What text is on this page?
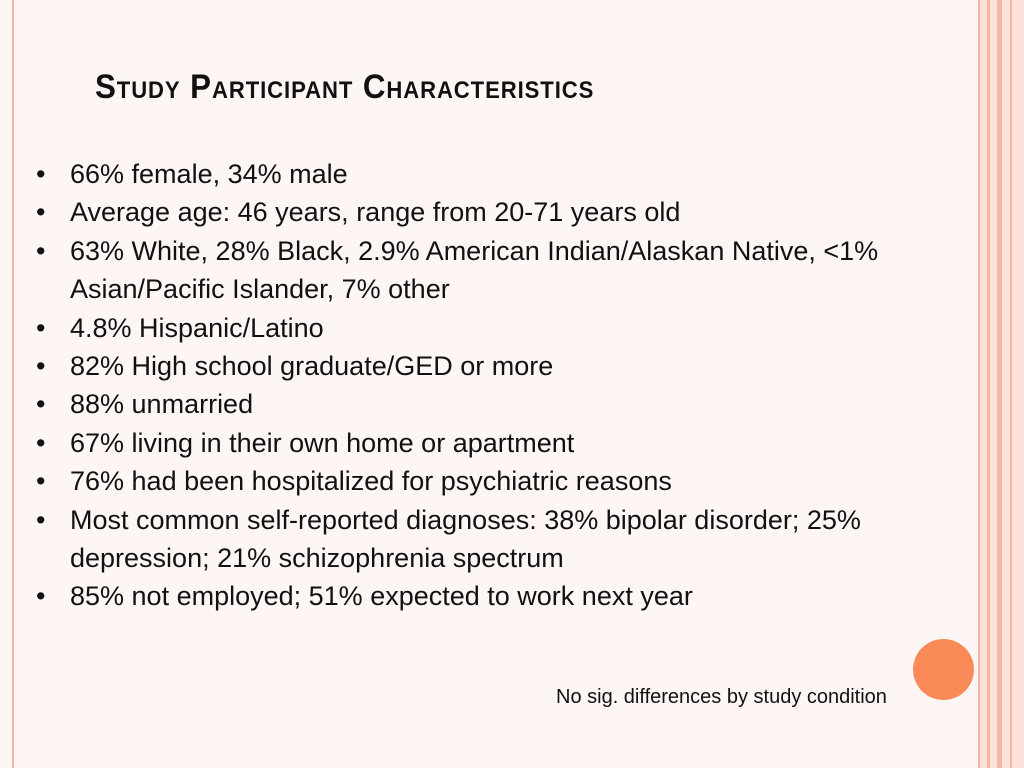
Study Participant Characteristics
• 66% female, 34% male
• Average age: 46 years, range from 20-71 years old
• 63% White, 28% Black, 2.9% American Indian/Alaskan Native, <1% Asian/Pacific Islander, 7% other
• 4.8% Hispanic/Latino
• 82% High school graduate/GED or more
• 88% unmarried
• 67% living in their own home or apartment
• 76% had been hospitalized for psychiatric reasons
• Most common self-reported diagnoses: 38% bipolar disorder; 25% depression; 21% schizophrenia spectrum
• 85% not employed; 51% expected to work next year
No sig. differences by study condition
